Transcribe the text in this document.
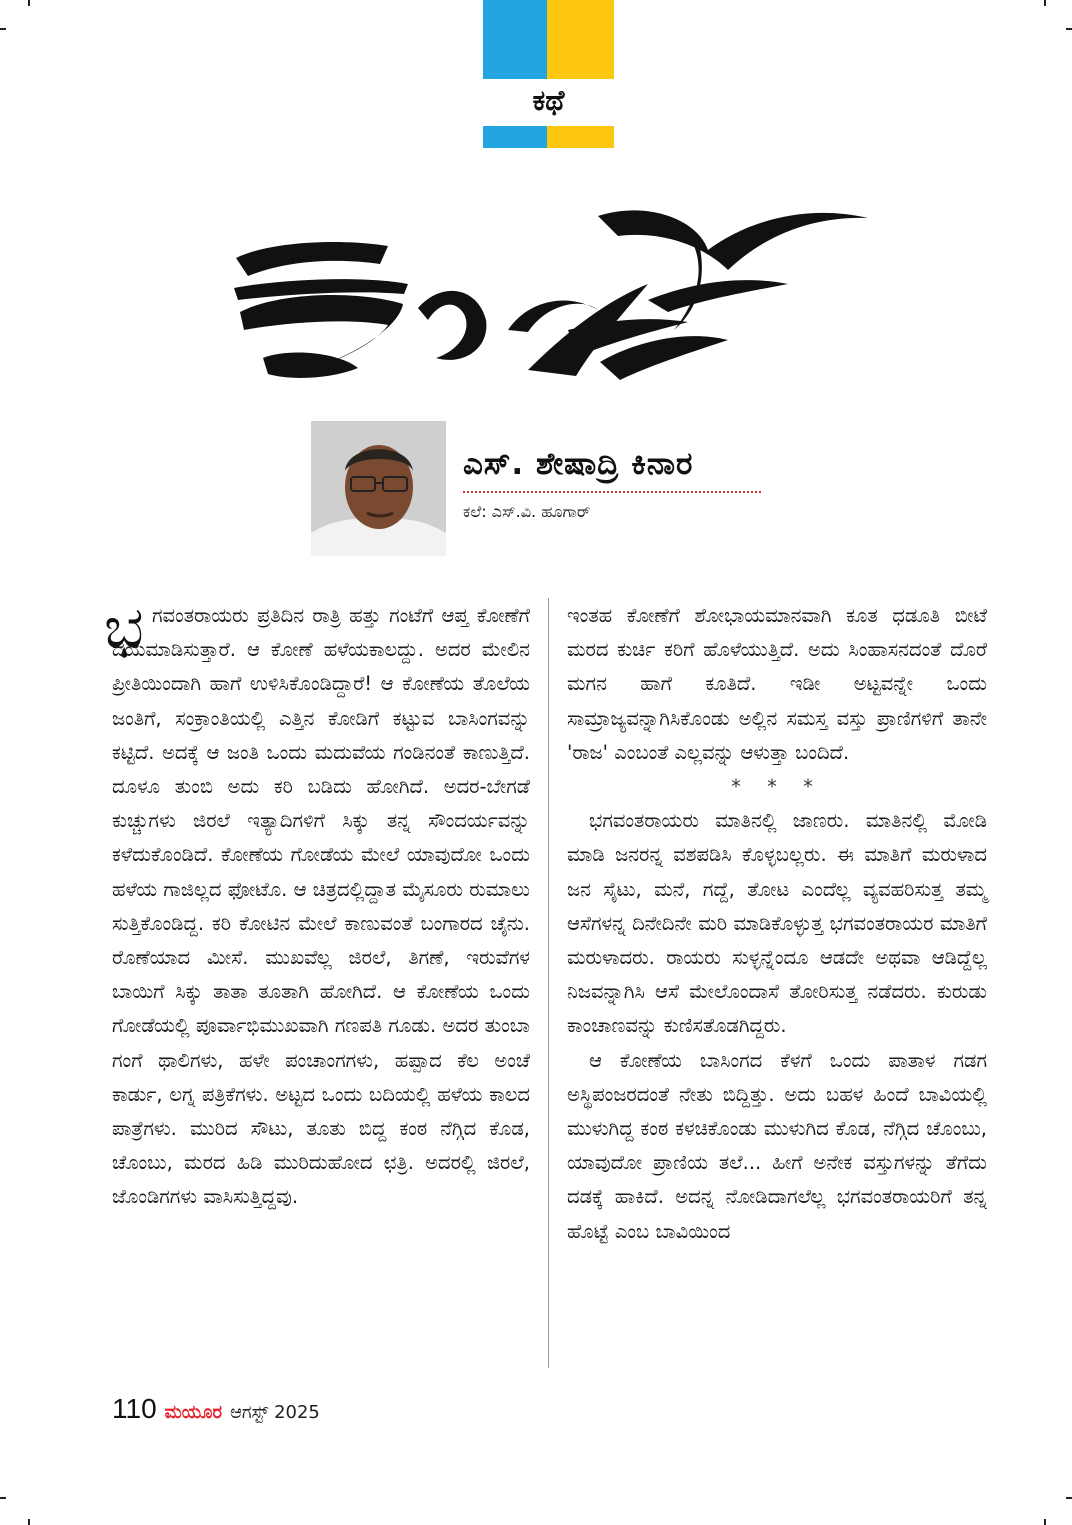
ಕಥೆ
ಎಸ್. ಶೇಷಾದ್ರಿ ಕಿನಾರ
ಕಲೆ: ಎಸ್.ವಿ. ಹೂಗಾರ್
ಭ ಗವಂತರಾಯರು ಪ್ರತಿದಿನ ರಾತ್ರಿ ಹತ್ತು ಗಂಟೆಗೆ ಆಪ್ತ ಕೋಣೆಗೆ ದಯಮಾಡಿಸುತ್ತಾರೆ. ಆ ಕೋಣೆ ಹಳೆಯಕಾಲದ್ದು. ಅದರ ಮೇಲಿನ ಪ್ರೀತಿಯಿಂದಾಗಿ ಹಾಗೆ ಉಳಿಸಿಕೊಂಡಿದ್ದಾರೆ! ಆ ಕೋಣೆಯ ತೊಲೆಯ ಜಂತಿಗೆ, ಸಂಕ್ರಾಂತಿಯಲ್ಲಿ ಎತ್ತಿನ ಕೋಡಿಗೆ ಕಟ್ಟುವ ಬಾಸಿಂಗವನ್ನು ಕಟ್ಟಿದೆ. ಅದಕ್ಕೆ ಆ ಜಂತಿ ಒಂದು ಮದುವೆಯ ಗಂಡಿನಂತೆ ಕಾಣುತ್ತಿದೆ. ದೂಳೂ ತುಂಬಿ ಅದು ಕರಿ ಬಡಿದು ಹೋಗಿದೆ. ಅದರ-ಬೇಗಡೆ ಕುಚ್ಚುಗಳು ಜಿರಲೆ ಇತ್ಯಾದಿಗಳಿಗೆ ಸಿಕ್ಕು ತನ್ನ ಸೌಂದರ್ಯವನ್ನು ಕಳೆದುಕೊಂಡಿದೆ. ಕೋಣೆಯ ಗೋಡೆಯ ಮೇಲೆ ಯಾವುದೋ ಒಂದು ಹಳೆಯ ಗಾಜಿಲ್ಲದ ಫೋಟೊ. ಆ ಚಿತ್ರದಲ್ಲಿದ್ದಾತ ಮೈಸೂರು ರುಮಾಲು ಸುತ್ತಿಕೊಂಡಿದ್ದ. ಕರಿ ಕೋಟಿನ ಮೇಲೆ ಕಾಣುವಂತೆ ಬಂಗಾರದ ಚೈನು. ರೊಣೆಯಾದ ಮೀಸೆ. ಮುಖವೆಲ್ಲ ಜಿರಲೆ, ತಿಗಣೆ, ಇರುವೆಗಳ ಬಾಯಿಗೆ ಸಿಕ್ಕು ತಾತಾ ತೂತಾಗಿ ಹೋಗಿದೆ. ಆ ಕೋಣೆಯ ಒಂದು ಗೋಡೆಯಲ್ಲಿ ಪೂರ್ವಾಭಿಮುಖವಾಗಿ ಗಣಪತಿ ಗೂಡು. ಅದರ ತುಂಬಾ ಗಂಗೆ ಥಾಲಿಗಳು, ಹಳೇ ಪಂಚಾಂಗಗಳು, ಹಪ್ಪಾದ ಕೆಲ ಅಂಚೆ ಕಾರ್ಡು, ಲಗ್ನ ಪತ್ರಿಕೆಗಳು. ಅಟ್ಟದ ಒಂದು ಬದಿಯಲ್ಲಿ ಹಳೆಯ ಕಾಲದ ಪಾತ್ರೆಗಳು. ಮುರಿದ ಸೌಟು, ತೂತು ಬಿದ್ದ ಕಂಠ ನೆಗ್ಗಿದ ಕೊಡ, ಚೊಂಬು, ಮರದ ಹಿಡಿ ಮುರಿದುಹೋದ ಛತ್ರಿ. ಅದರಲ್ಲಿ ಜಿರಲೆ, ಜೊಂಡಿಗಗಳು ವಾಸಿಸುತ್ತಿದ್ದವು.

ಇಂತಹ ಕೋಣೆಗೆ ಶೋಭಾಯಮಾನವಾಗಿ ಕೂತ ಧಡೂತಿ ಬೀಟೆ ಮರದ ಕುರ್ಚಿ ಕರಿಗೆ ಹೊಳೆಯುತ್ತಿದೆ. ಅದು ಸಿಂಹಾಸನದಂತೆ ದೊರೆ ಮಗನ ಹಾಗೆ ಕೂತಿದೆ. ಇಡೀ ಅಟ್ಟವನ್ನೇ ಒಂದು ಸಾಮ್ರಾಜ್ಯವನ್ನಾಗಿಸಿಕೊಂಡು ಅಲ್ಲಿನ ಸಮಸ್ತ ವಸ್ತು ಪ್ರಾಣಿಗಳಿಗೆ ತಾನೇ 'ರಾಜ' ಎಂಬಂತೆ ಎಲ್ಲವನ್ನು ಆಳುತ್ತಾ ಬಂದಿದೆ.

* * *

ಭಗವಂತರಾಯರು ಮಾತಿನಲ್ಲಿ ಜಾಣರು. ಮಾತಿನಲ್ಲಿ ಮೋಡಿ ಮಾಡಿ ಜನರನ್ನ ವಶಪಡಿಸಿ ಕೊಳ್ಳಬಲ್ಲರು. ಈ ಮಾತಿಗೆ ಮರುಳಾದ ಜನ ಸೈಟು, ಮನೆ, ಗದ್ದೆ, ತೋಟ ಎಂದೆಲ್ಲ ವ್ಯವಹರಿಸುತ್ತ ತಮ್ಮ ಆಸೆಗಳನ್ನ ದಿನೇದಿನೇ ಮರಿ ಮಾಡಿಕೊಳ್ಳುತ್ತ ಭಗವಂತರಾಯರ ಮಾತಿಗೆ ಮರುಳಾದರು. ರಾಯರು ಸುಳ್ಳನ್ನೆಂದೂ ಆಡದೇ ಅಥವಾ ಆಡಿದ್ದೆಲ್ಲ ನಿಜವನ್ನಾಗಿಸಿ ಆಸೆ ಮೇಲೊಂದಾಸೆ ತೋರಿಸುತ್ತ ನಡೆದರು. ಕುರುಡು ಕಾಂಚಾಣವನ್ನು ಕುಣಿಸತೊಡಗಿದ್ದರು.

ಆ ಕೋಣೆಯ ಬಾಸಿಂಗದ ಕೆಳಗೆ ಒಂದು ಪಾತಾಳ ಗಡಗ ಅಸ್ಥಿಪಂಜರದಂತೆ ನೇತು ಬಿದ್ದಿತ್ತು. ಅದು ಬಹಳ ಹಿಂದೆ ಬಾವಿಯಲ್ಲಿ ಮುಳುಗಿದ್ದ ಕಂಠ ಕಳಚಿಕೊಂಡು ಮುಳುಗಿದ ಕೊಡ, ನೆಗ್ಗಿದ ಚೊಂಬು, ಯಾವುದೋ ಪ್ರಾಣಿಯ ತಲೆ... ಹೀಗೆ ಅನೇಕ ವಸ್ತುಗಳನ್ನು ತೆಗೆದು ದಡಕ್ಕೆ ಹಾಕಿದೆ. ಅದನ್ನ ನೋಡಿದಾಗಲೆಲ್ಲ ಭಗವಂತರಾಯರಿಗೆ ತನ್ನ ಹೊಟ್ಟೆ ಎಂಬ ಬಾವಿಯಿಂದ

110 ಮಯೂರ ಆಗಸ್ಟ್ 2025
